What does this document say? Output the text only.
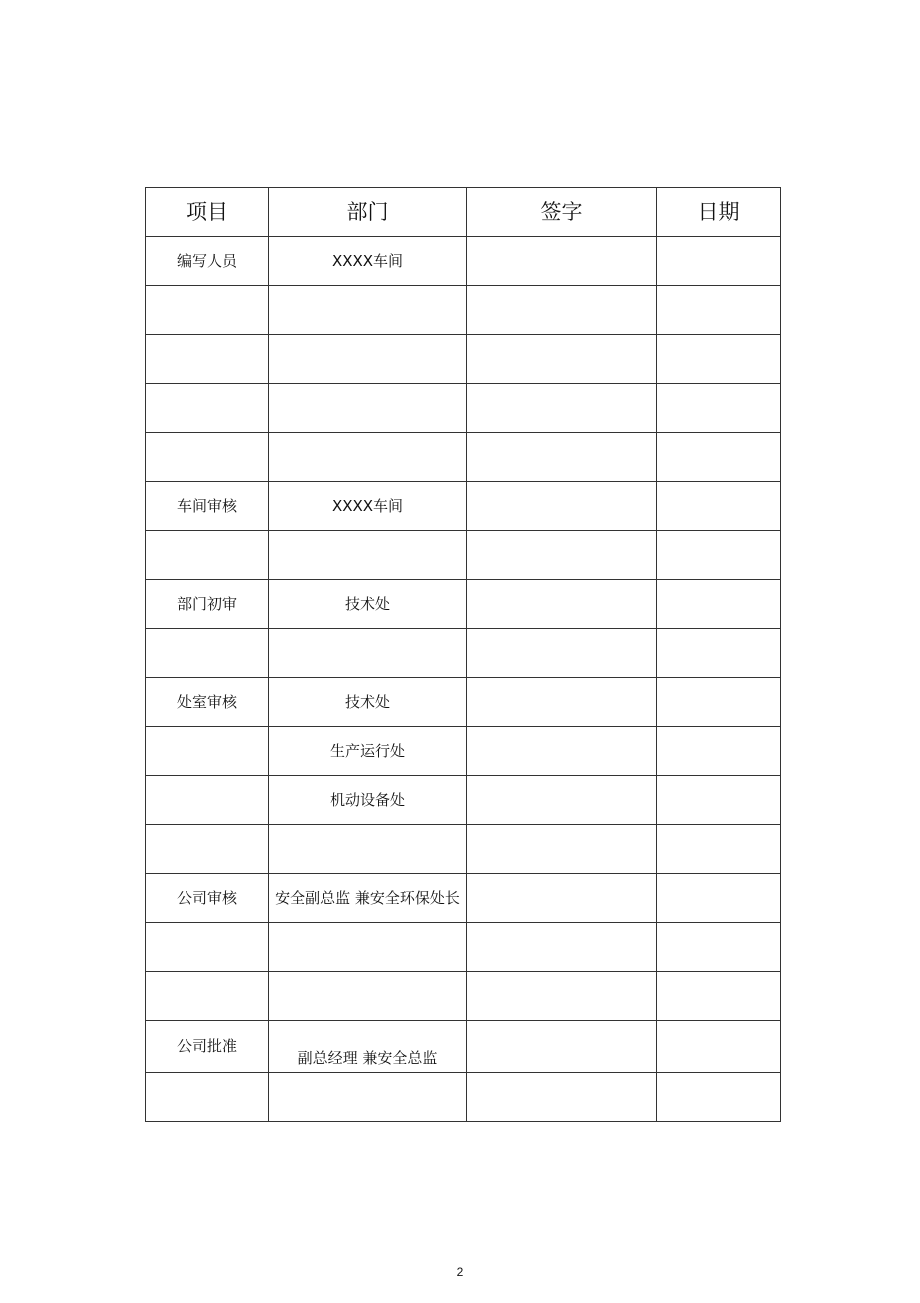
项目	部门	签字	日期
编写人员	XXXX车间		

车间审核	XXXX车间		

部门初审	技术处		

处室审核	技术处		
	生产运行处		
	机动设备处		

公司审核	安全副总监 兼安全环保处长		

公司批准	副总经理 兼安全总监		

2
